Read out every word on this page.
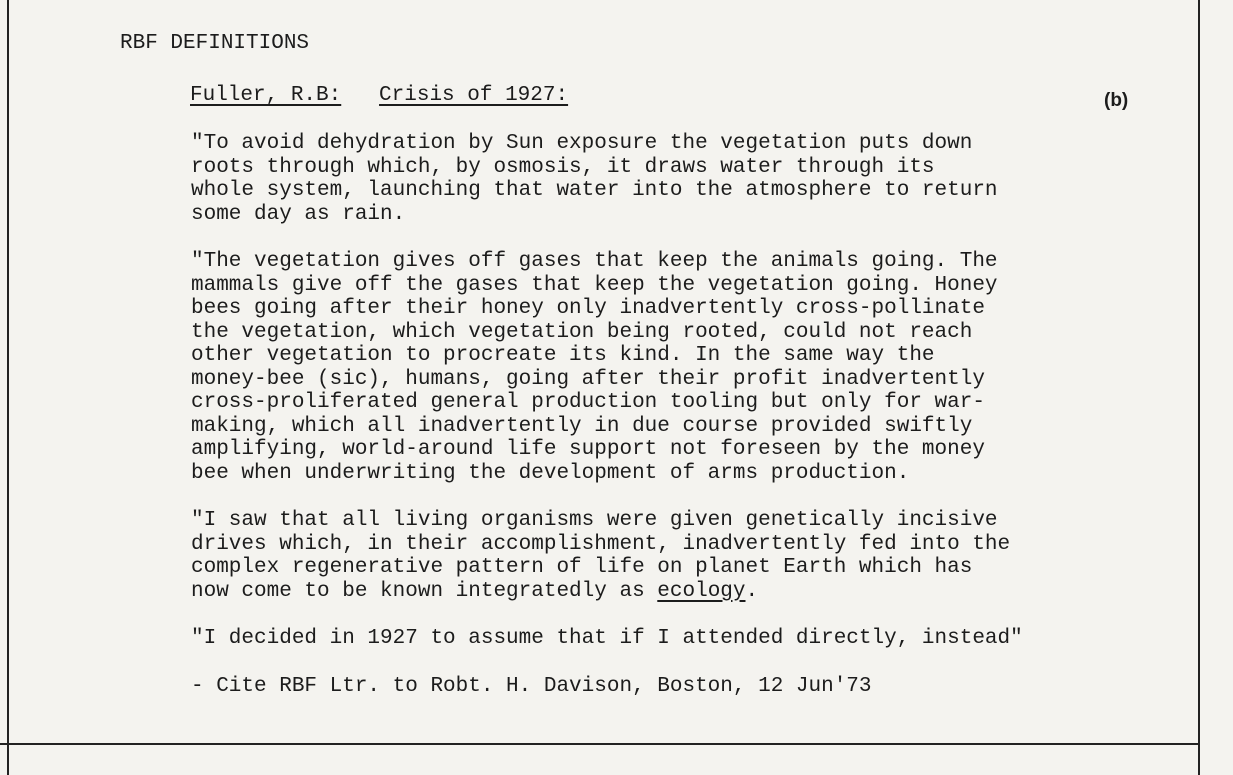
RBF DEFINITIONS
Fuller, R.B: Crisis of 1927:	(b)

"To avoid dehydration by Sun exposure the vegetation puts down
roots through which, by osmosis, it draws water through its
whole system, launching that water into the atmosphere to return
some day as rain.

"The vegetation gives off gases that keep the animals going. The
mammals give off the gases that keep the vegetation going. Honey
bees going after their honey only inadvertently cross-pollinate
the vegetation, which vegetation being rooted, could not reach
other vegetation to procreate its kind. In the same way the
money-bee (sic), humans, going after their profit inadvertently
cross-proliferated general production tooling but only for war-
making, which all inadvertently in due course provided swiftly
amplifying, world-around life support not foreseen by the money
bee when underwriting the development of arms production.

"I saw that all living organisms were given genetically incisive
drives which, in their accomplishment, inadvertently fed into the
complex regenerative pattern of life on planet Earth which has
now come to be known integratedly as ecology.

"I decided in 1927 to assume that if I attended directly, instead"

- Cite RBF Ltr. to Robt. H. Davison, Boston, 12 Jun'73
